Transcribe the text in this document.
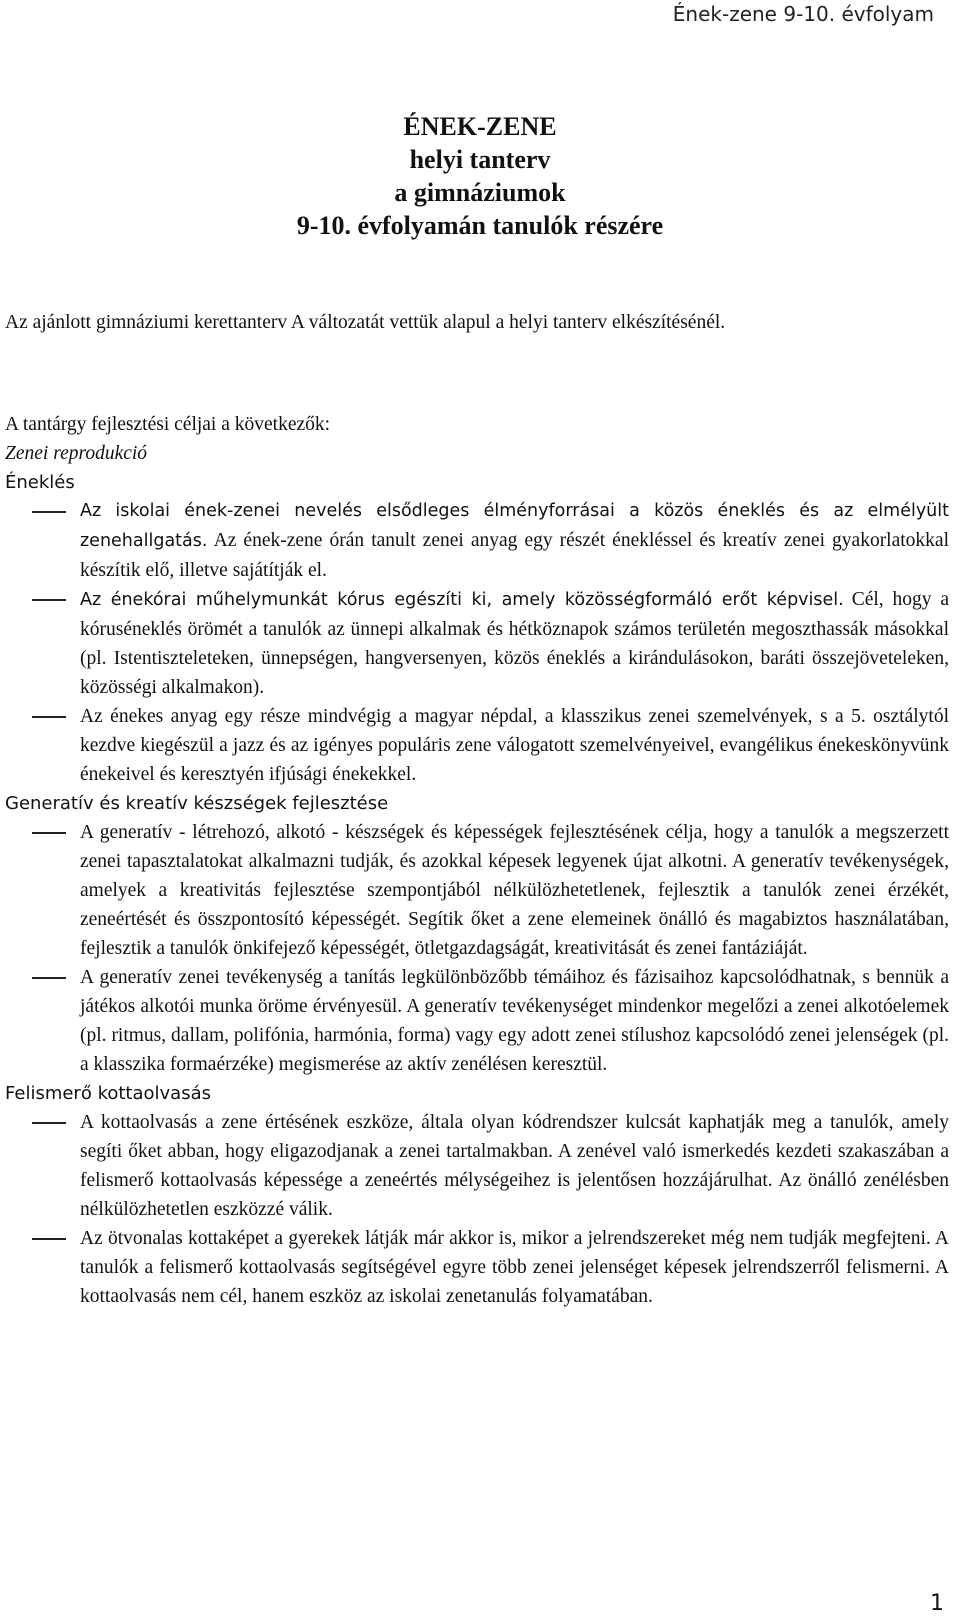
Ének-zene 9-10. évfolyam
ÉNEK-ZENE
helyi tanterv
a gimnáziumok
9-10. évfolyamán tanulók részére
Az ajánlott gimnáziumi kerettanterv A változatát vettük alapul a helyi tanterv elkészítésénél.

A tantárgy fejlesztési céljai a következők:

Zenei reprodukció

Éneklés

Az iskolai ének-zenei nevelés elsődleges élményforrásai a közös éneklés és az elmélyült zenehallgatás. Az ének-zene órán tanult zenei anyag egy részét énekléssel és kreatív zenei gyakorlatokkal készítik elő, illetve sajátítják el.
Az énekórai műhelymunkát kórus egészíti ki, amely közösségformáló erőt képvisel. Cél, hogy a kóruséneklés örömét a tanulók az ünnepi alkalmak és hétköznapok számos területén megoszthassák másokkal (pl. Istentiszteleteken, ünnepségen, hangversenyen, közös éneklés a kirándulásokon, baráti összejöveteleken, közösségi alkalmakon).
Az énekes anyag egy része mindvégig a magyar népdal, a klasszikus zenei szemelvények, s a 5. osztálytól kezdve kiegészül a jazz és az igényes populáris zene válogatott szemelvényeivel, evangélikus énekeskönyvünk énekeivel és keresztyén ifjúsági énekekkel.

Generatív és kreatív készségek fejlesztése

A generatív - létrehozó, alkotó - készségek és képességek fejlesztésének célja, hogy a tanulók a megszerzett zenei tapasztalatokat alkalmazni tudják, és azokkal képesek legyenek újat alkotni. A generatív tevékenységek, amelyek a kreativitás fejlesztése szempontjából nélkülözhetetlenek, fejlesztik a tanulók zenei érzékét, zeneértését és összpontosító képességét. Segítik őket a zene elemeinek önálló és magabiztos használatában, fejlesztik a tanulók önkifejező képességét, ötletgazdagságát, kreativitását és zenei fantáziáját.
A generatív zenei tevékenység a tanítás legkülönbözőbb témáihoz és fázisaihoz kapcsolódhatnak, s bennük a játékos alkotói munka öröme érvényesül. A generatív tevékenységet mindenkor megelőzi a zenei alkotóelemek (pl. ritmus, dallam, polifónia, harmónia, forma) vagy egy adott zenei stílushoz kapcsolódó zenei jelenségek (pl. a klasszika formaérzéke) megismerése az aktív zenélésen keresztül.

Felismerő kottaolvasás

A kottaolvasás a zene értésének eszköze, általa olyan kódrendszer kulcsát kaphatják meg a tanulók, amely segíti őket abban, hogy eligazodjanak a zenei tartalmakban. A zenével való ismerkedés kezdeti szakaszában a felismerő kottaolvasás képessége a zeneértés mélységeihez is jelentősen hozzájárulhat. Az önálló zenélésben nélkülözhetetlen eszközzé válik.
Az ötvonalas kottaképet a gyerekek látják már akkor is, mikor a jelrendszereket még nem tudják megfejteni. A tanulók a felismerő kottaolvasás segítségével egyre több zenei jelenséget képesek jelrendszerről felismerni. A kottaolvasás nem cél, hanem eszköz az iskolai zenetanulás folyamatában.
1
